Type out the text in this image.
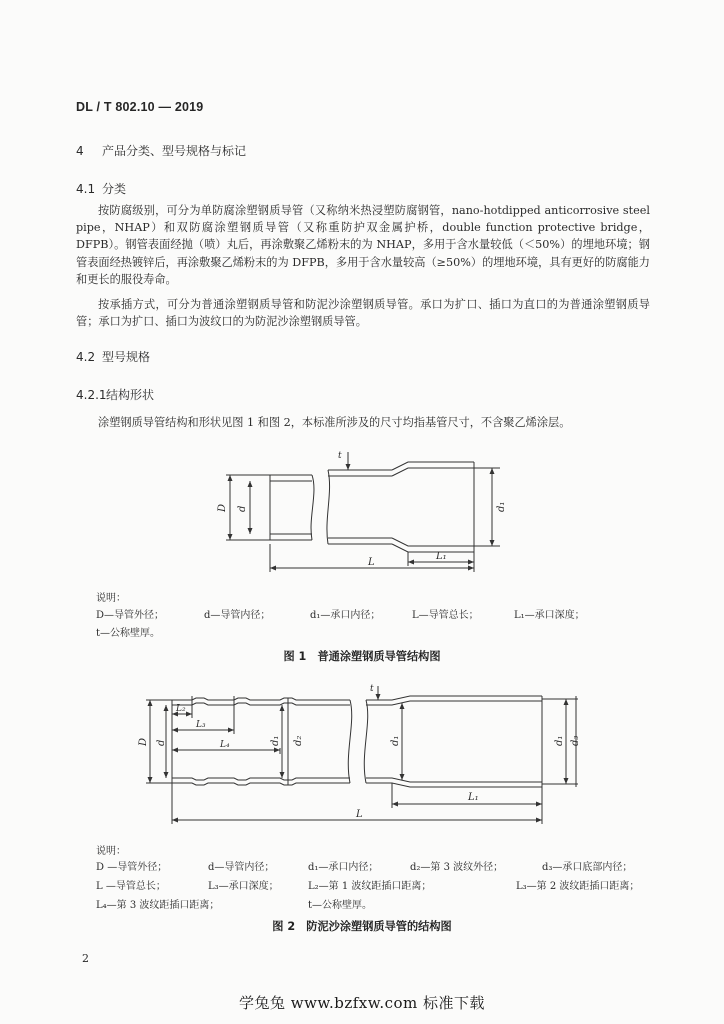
DL / T 802.10 — 2019
4 产品分类、型号规格与标记
4.1 分类
按防腐级别，可分为单防腐涂塑钢质导管（又称纳米热浸塑防腐钢管，nano-hotdipped anticorrosive steel pipe，NHAP）和双防腐涂塑钢质导管（又称重防护双金属护桥，double function protective bridge，DFPB）。钢管表面经抛（喷）丸后，再涂敷聚乙烯粉末的为 NHAP，多用于含水量较低（＜50%）的埋地环境；钢管表面经热镀锌后，再涂敷聚乙烯粉末的为 DFPB，多用于含水量较高（≥50%）的埋地环境，具有更好的防腐能力和更长的服役寿命。
按承插方式，可分为普通涂塑钢质导管和防泥沙涂塑钢质导管。承口为扩口、插口为直口的为普通涂塑钢质导管；承口为扩口、插口为波纹口的为防泥沙涂塑钢质导管。
4.2 型号规格
4.2.1结构形状
涂塑钢质导管结构和形状见图 1 和图 2，本标准所涉及的尺寸均指基管尺寸，不含聚乙烯涂层。
t
D d	d₁
L₁
L
说明：
D—导管外径；	d—导管内径；	d₁—承口内径；	L—导管总长；	L₁—承口深度；
t—公称壁厚。
图 1　普通涂塑钢质导管结构图
t
D d	d₁ d₂	d₁	d₁ d₃
L₂
L₃
L₄
L₁
L
说明：
D —导管外径；	d—导管内径；	d₁—承口内径；	d₂—第 3 波纹外径；	d₃—承口底部内径；
L —导管总长；	L₃—承口深度；	L₂—第 1 波纹距插口距离；	L₃—第 2 波纹距插口距离；
L₄—第 3 波纹距插口距离；	t—公称壁厚。
图 2　防泥沙涂塑钢质导管的结构图
2
学兔兔 www.bzfxw.com 标准下载
